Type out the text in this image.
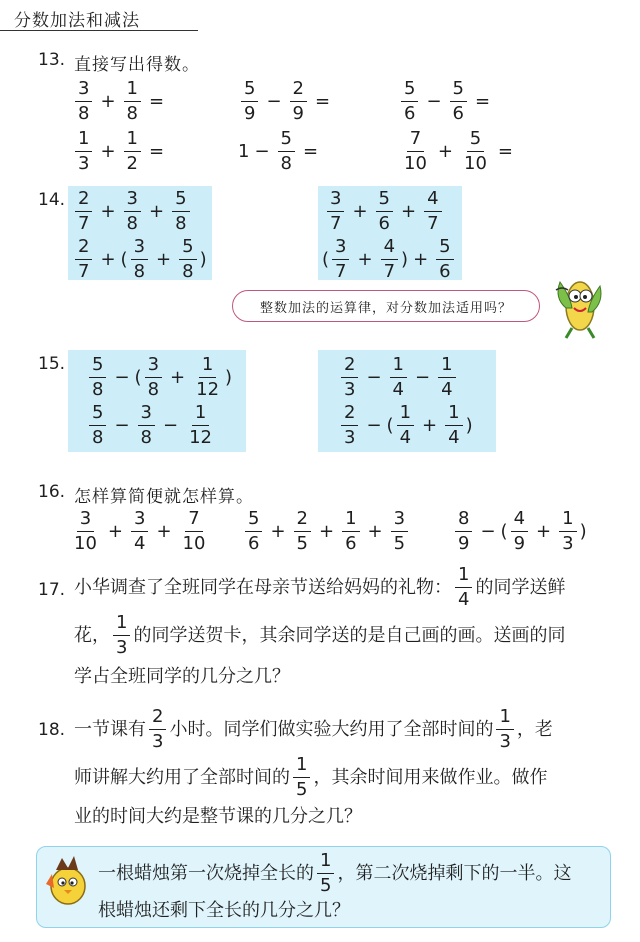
分数加法和减法
13. 直接写出得数。
$\frac{3}{8} + \frac{1}{8}$ =	$\frac{5}{9} - \frac{2}{9}$ =	$\frac{5}{6} - \frac{5}{6}$ =
$\frac{1}{3} + \frac{1}{2}$ =	$1 - \frac{5}{8}$ =	$\frac{7}{10} + \frac{5}{10}$ =
14. $\frac{2}{7} + \frac{3}{8} + \frac{5}{8}$
$\frac{2}{7}$ + ( $\frac{3}{8} + \frac{5}{8}$ )
$\frac{3}{7} + \frac{5}{6} + \frac{4}{7}$
( $\frac{3}{7} + \frac{4}{7}$ ) + $\frac{5}{6}$
整数加法的运算律，对分数加法适用吗？
15. $\frac{5}{8}$ − ( $\frac{3}{8} + \frac{1}{12}$ )
$\frac{5}{8} - \frac{3}{8} - \frac{1}{12}$
$\frac{2}{3} - \frac{1}{4} - \frac{1}{4}$
$\frac{2}{3}$ − ( $\frac{1}{4} + \frac{1}{4}$ )
16. 怎样算简便就怎样算。
$\frac{3}{10} + \frac{3}{4} + \frac{7}{10} \frac{5}{6} + \frac{2}{5} + \frac{1}{6} + \frac{3}{5}$	$\frac{8}{9}$ − ( $\frac{4}{9} + \frac{1}{3}$ )
17. 小华调查了全班同学在母亲节送给妈妈的礼物： $\frac{1}{4}$ 的同学送鲜
花， $\frac{1}{3}$ 的同学送贺卡，其余同学送的是自己画的画。送画的同
学占全班同学的几分之几？
18. 一节课有 $\frac{2}{3}$ 小时。同学们做实验大约用了全部时间的 $\frac{1}{3}$ ，老
师讲解大约用了全部时间的 $\frac{1}{5}$ ，其余时间用来做作业。做作
业的时间大约是整节课的几分之几？
一根蜡烛第一次烧掉全长的 $\frac{1}{5}$ ，第二次烧掉剩下的一半。这
根蜡烛还剩下全长的几分之几？
